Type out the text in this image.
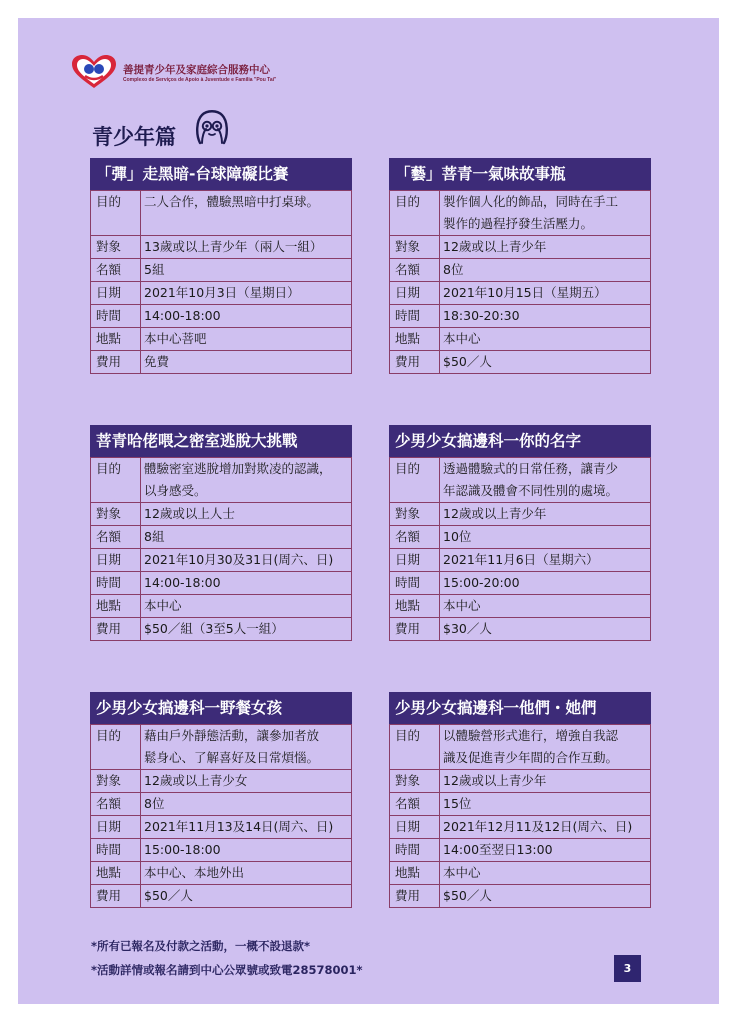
善提青少年及家庭綜合服務中心
Complexo de Serviços de Apoio à Juventude e Família "Pou Tai"
青少年篇
「彈」走黑暗-台球障礙比賽
目的	二人合作，體驗黑暗中打桌球。

對象	13歲或以上青少年（兩人一組）

名額	5組

日期	2021年10月3日（星期日）

時間	14:00-18:00

地點	本中心菩吧

費用	免費
「藝」菩青一氣味故事瓶
目的	製作個人化的飾品，同時在手工
製作的過程抒發生活壓力。

對象	12歲或以上青少年

名額	8位

日期	2021年10月15日（星期五）

時間	18:30-20:30

地點	本中心

費用	$50／人
菩青哈佬喂之密室逃脫大挑戰
目的	體驗密室逃脫增加對欺凌的認識，
以身感受。

對象	12歲或以上人士

名額	8組

日期	2021年10月30及31日(周六、日)

時間	14:00-18:00

地點	本中心

費用	$50／組（3至5人一組）
少男少女搞邊科一你的名字
目的	透過體驗式的日常任務，讓青少
年認識及體會不同性別的處境。

對象	12歲或以上青少年

名額	10位

日期	2021年11月6日（星期六）

時間	15:00-20:00

地點	本中心

費用	$30／人
少男少女搞邊科一野餐女孩
目的	藉由戶外靜態活動，讓參加者放
鬆身心、了解喜好及日常煩惱。

對象	12歲或以上青少女

名額	8位

日期	2021年11月13及14日(周六、日)

時間	15:00-18:00

地點	本中心、本地外出

費用	$50／人
少男少女搞邊科一他們・她們
目的	以體驗營形式進行，增強自我認
識及促進青少年間的合作互動。

對象	12歲或以上青少年

名額	15位

日期	2021年12月11及12日(周六、日)

時間	14:00至翌日13:00

地點	本中心

費用	$50／人
*所有已報名及付款之活動，一概不設退款*
*活動詳情或報名請到中心公眾號或致電28578001*	3
